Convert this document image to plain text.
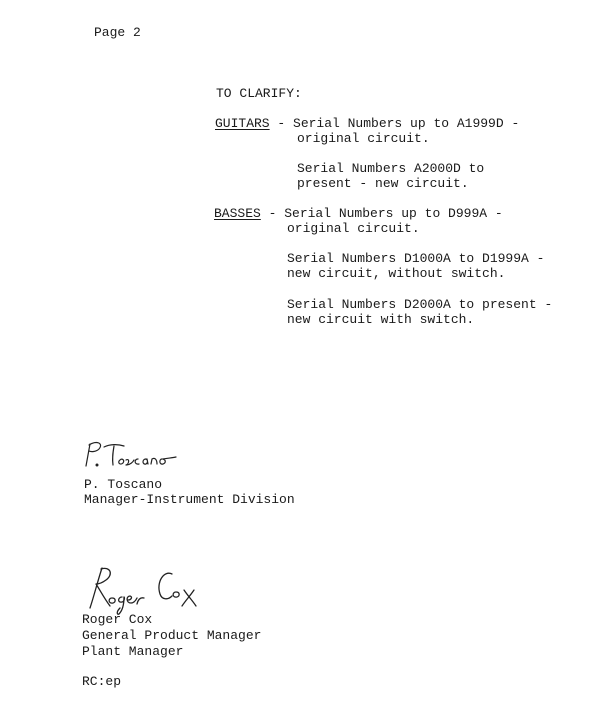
Page 2
TO CLARIFY:
GUITARS - Serial Numbers up to A1999D -
original circuit.
Serial Numbers A2000D to
present - new circuit.
BASSES - Serial Numbers up to D999A -
original circuit.
Serial Numbers D1000A to D1999A -
new circuit, without switch.
Serial Numbers D2000A to present -
new circuit with switch.
P. Toscano
Manager-Instrument Division
Roger Cox
General Product Manager
Plant Manager
RC:ep
